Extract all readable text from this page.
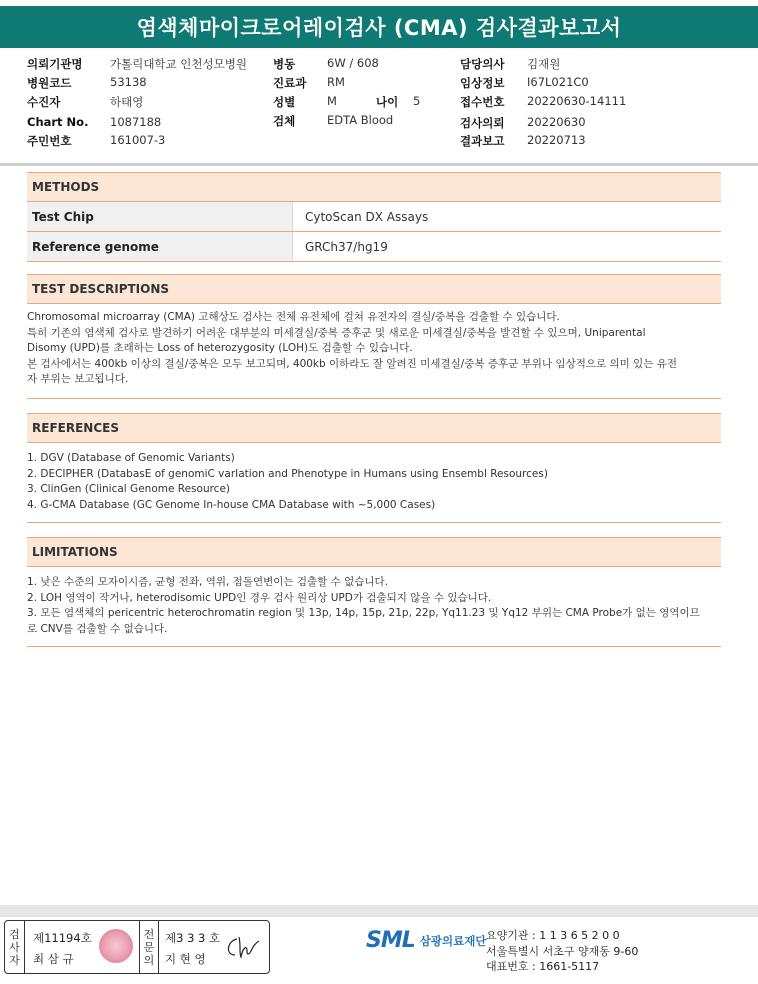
염색체마이크로어레이검사 (CMA) 검사결과보고서
의뢰기관명 가톨릭대학교 인천성모병원
병원코드	53138
수진자	하태영
Chart No. 1087188
주민번호	161007-3
병동	6W / 608
진료과 RM
성별	M	나이 5
검체	EDTA Blood
담당의사 김재원
임상정보 I67L021C0
접수번호 20220630-14111
검사의뢰 20220630
결과보고 20220713
METHODS
Test Chip	CytoScan DX Assays
Reference genome	GRCh37/hg19
TEST DESCRIPTIONS
Chromosomal microarray (CMA) 고해상도 검사는 전체 유전체에 걸쳐 유전자의 결실/중복을 검출할 수 있습니다.
특히 기존의 염색체 검사로 발견하기 어려운 대부분의 미세결실/중복 증후군 및 새로운 미세결실/중복을 발견할 수 있으며, Uniparental
Disomy (UPD)를 초래하는 Loss of heterozygosity (LOH)도 검출할 수 있습니다.
본 검사에서는 400kb 이상의 결실/중복은 모두 보고되며, 400kb 이하라도 잘 알려진 미세결실/중복 증후군 부위나 임상적으로 의미 있는 유전
자 부위는 보고됩니다.
REFERENCES
1. DGV (Database of Genomic Variants)
2. DECIPHER (DatabasE of genomiC varIation and Phenotype in Humans using Ensembl Resources)
3. ClinGen (Clinical Genome Resource)
4. G-CMA Database (GC Genome In-house CMA Database with ~5,000 Cases)
LIMITATIONS
1. 낮은 수준의 모자이시즘, 균형 전좌, 역위, 점돌연변이는 검출할 수 없습니다.
2. LOH 영역이 작거나, heterodisomic UPD인 경우 검사 원리상 UPD가 검출되지 않을 수 있습니다.
3. 모든 염색체의 pericentric heterochromatin region 및 13p, 14p, 15p, 21p, 22p, Yq11.23 및 Yq12 부위는 CMA Probe가 없는 영역이므
로 CNV를 검출할 수 없습니다.
검
사
자
제11194호
최 삼 규
전
문
의
제3 3 3 호
지 현 영
SML 삼광의료재단 요양기관 : 1 1 3 6 5 2 0 0
서울특별시 서초구 양재동 9-60
대표번호 : 1661-5117
